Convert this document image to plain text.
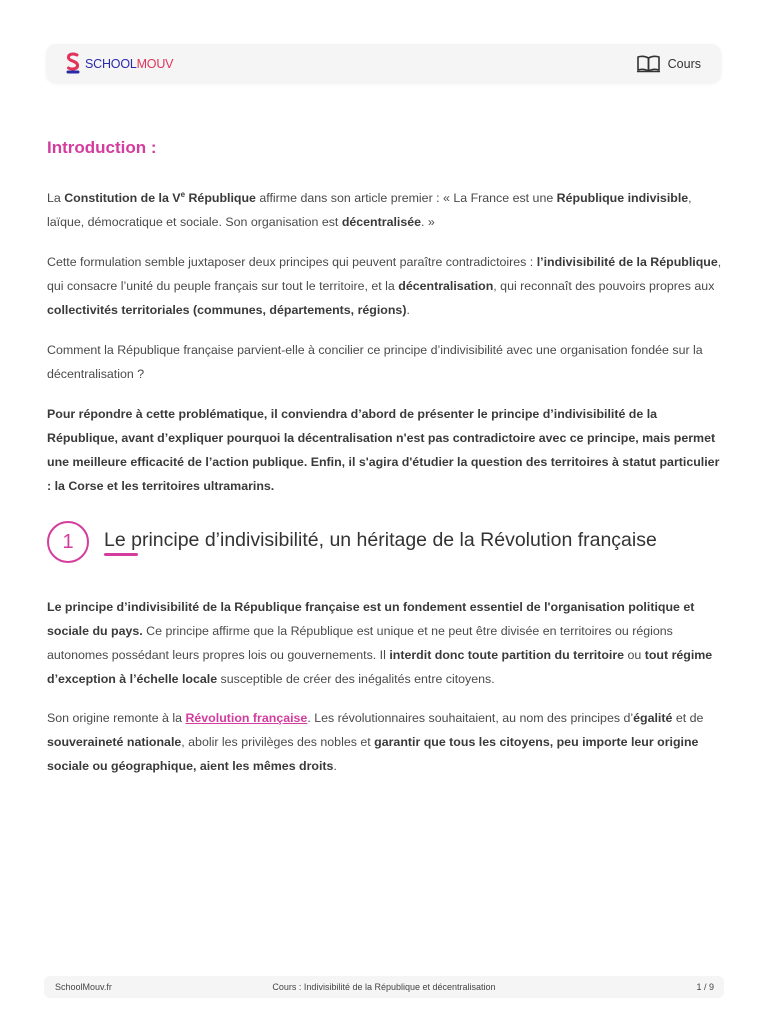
SCHOOLMOUV	Cours
Introduction :

La Constitution de la Ve République affirme dans son article premier : « La France est une République indivisible, laïque, démocratique et sociale. Son organisation est décentralisée. »

Cette formulation semble juxtaposer deux principes qui peuvent paraître contradictoires : l’indivisibilité de la République, qui consacre l’unité du peuple français sur tout le territoire, et la décentralisation, qui reconnaît des pouvoirs propres aux collectivités territoriales (communes, départements, régions).

Comment la République française parvient-elle à concilier ce principe d’indivisibilité avec une organisation fondée sur la décentralisation ?

Pour répondre à cette problématique, il conviendra d’abord de présenter le principe d’indivisibilité de la République, avant d’expliquer pourquoi la décentralisation n'est pas contradictoire avec ce principe, mais permet une meilleure efficacité de l’action publique. Enfin, il s'agira d'étudier la question des territoires à statut particulier : la Corse et les territoires ultramarins.

1	Le principe d’indivisibilité, un héritage de la Révolution française

Le principe d’indivisibilité de la République française est un fondement essentiel de l'organisation politique et sociale du pays. Ce principe affirme que la République est unique et ne peut être divisée en territoires ou régions autonomes possédant leurs propres lois ou gouvernements. Il interdit donc toute partition du territoire ou tout régime d’exception à l’échelle locale susceptible de créer des inégalités entre citoyens.

Son origine remonte à la Révolution française. Les révolutionnaires souhaitaient, au nom des principes d’égalité et de souveraineté nationale, abolir les privilèges des nobles et garantir que tous les citoyens, peu importe leur origine sociale ou géographique, aient les mêmes droits.

SchoolMouv.fr	Cours : Indivisibilité de la République et décentralisation	1 / 9
